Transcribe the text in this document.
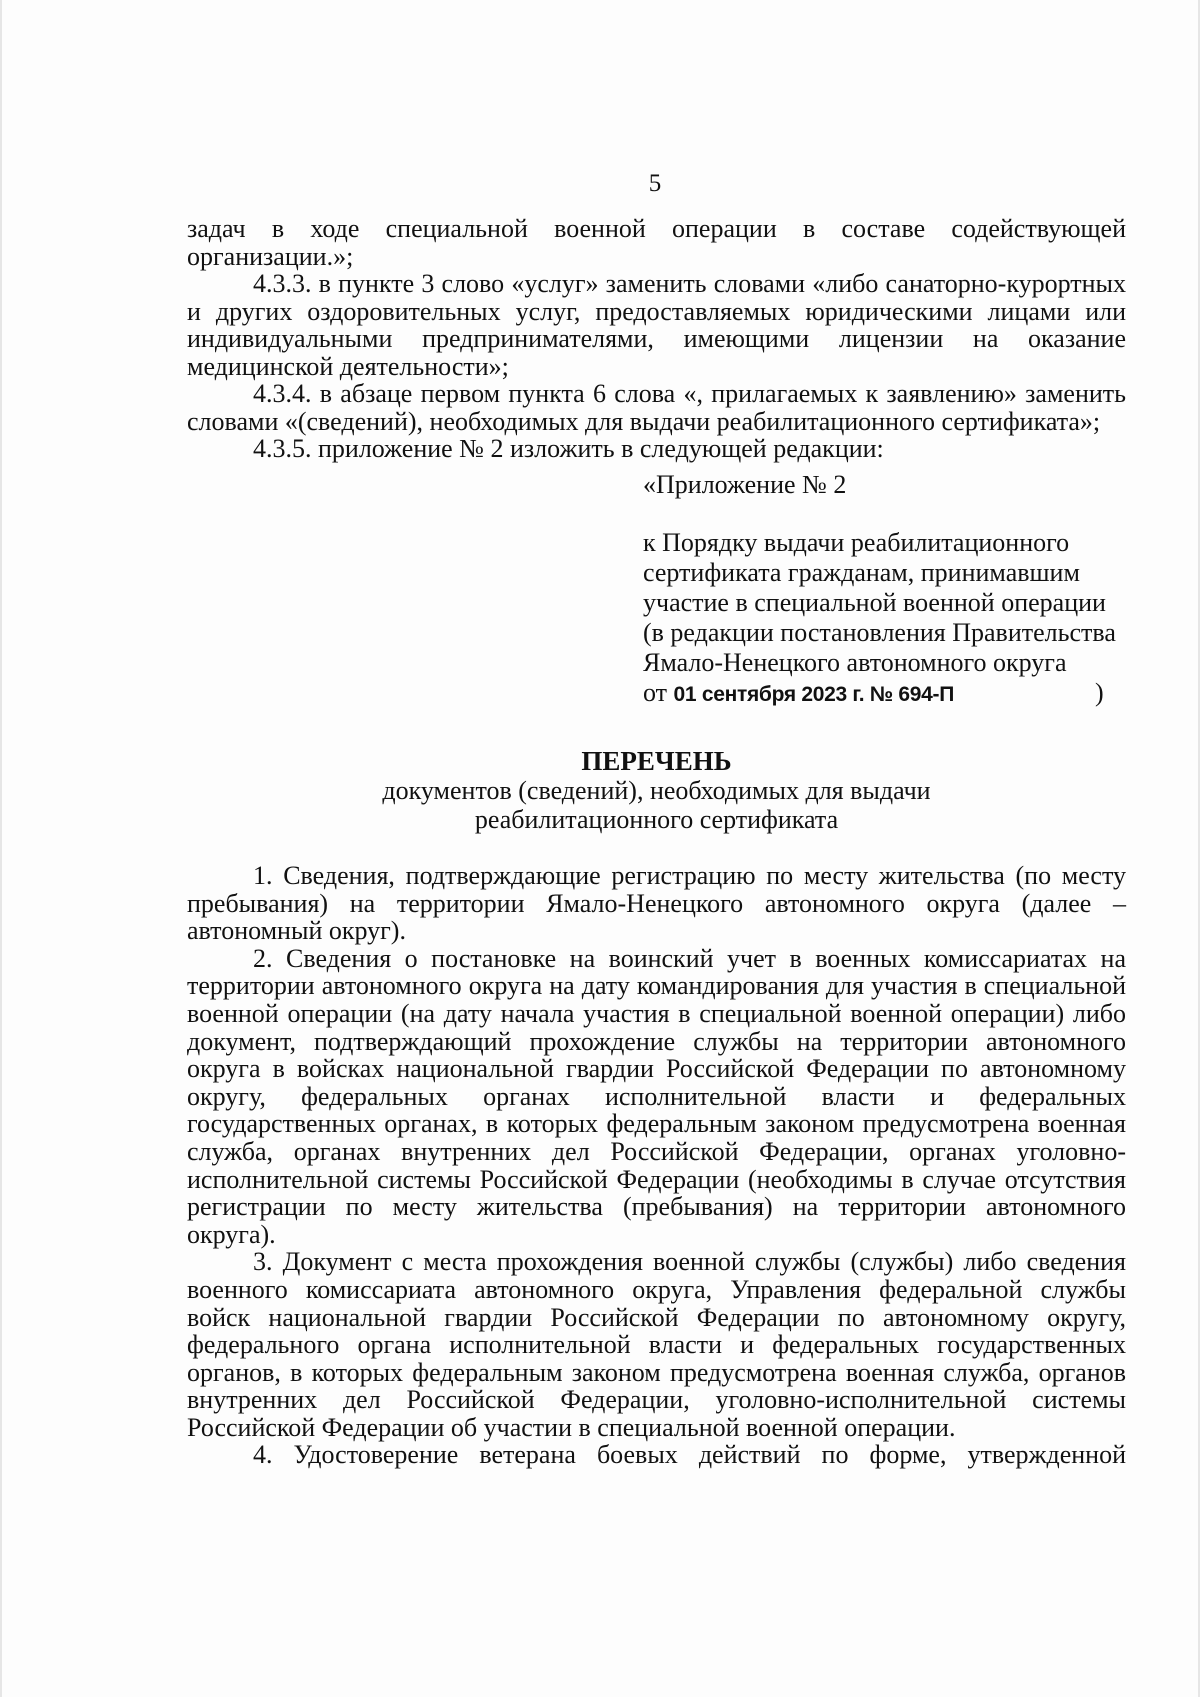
5

задач в ходе специальной военной операции в составе содействующей организации.»;

4.3.3. в пункте 3 слово «услуг» заменить словами «либо санаторно-курортных и других оздоровительных услуг, предоставляемых юридическими лицами или индивидуальными предпринимателями, имеющими лицензии на оказание медицинской деятельности»;

4.3.4. в абзаце первом пункта 6 слова «, прилагаемых к заявлению» заменить словами «(сведений), необходимых для выдачи реабилитационного сертификата»;

4.3.5. приложение № 2 изложить в следующей редакции:

«Приложение № 2
к Порядку выдачи реабилитационного
сертификата гражданам, принимавшим
участие в специальной военной операции
(в редакции постановления Правительства
Ямало-Ненецкого автономного округа
от 01 сентября 2023 г. № 694-П	)
ПЕРЕЧЕНЬ
документов (сведений), необходимых для выдачи
реабилитационного сертификата

1. Сведения, подтверждающие регистрацию по месту жительства (по месту пребывания) на территории Ямало-Ненецкого автономного округа (далее – автономный округ).

2. Сведения о постановке на воинский учет в военных комиссариатах на территории автономного округа на дату командирования для участия в специальной военной операции (на дату начала участия в специальной военной операции) либо документ, подтверждающий прохождение службы на территории автономного округа в войсках национальной гвардии Российской Федерации по автономному округу, федеральных органах исполнительной власти и федеральных государственных органах, в которых федеральным законом предусмотрена военная служба, органах внутренних дел Российской Федерации, органах уголовно-исполнительной системы Российской Федерации (необходимы в случае отсутствия регистрации по месту жительства (пребывания) на территории автономного округа).

3. Документ с места прохождения военной службы (службы) либо сведения военного комиссариата автономного округа, Управления федеральной службы войск национальной гвардии Российской Федерации по автономному округу, федерального органа исполнительной власти и федеральных государственных органов, в которых федеральным законом предусмотрена военная служба, органов внутренних дел Российской Федерации, уголовно-исполнительной системы Российской Федерации об участии в специальной военной операции.

4. Удостоверение ветерана боевых действий по форме, утвержденной
